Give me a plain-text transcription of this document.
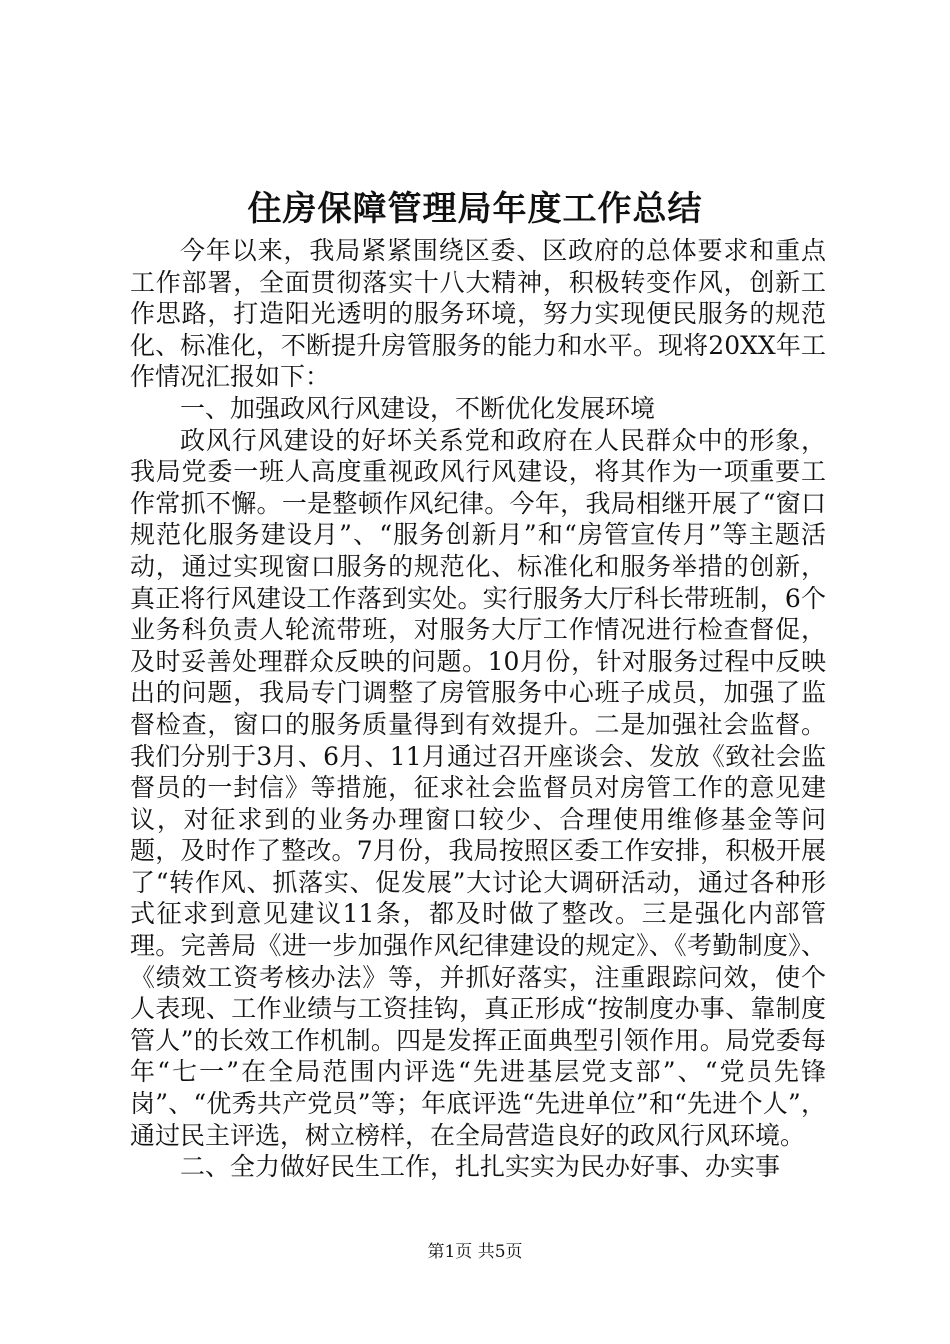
住房保障管理局年度工作总结

今年以来，我局紧紧围绕区委、区政府的总体要求和重点工作部署，全面贯彻落实十八大精神，积极转变作风，创新工作思路，打造阳光透明的服务环境，努力实现便民服务的规范化、标准化，不断提升房管服务的能力和水平。现将20XX年工作情况汇报如下：

一、加强政风行风建设，不断优化发展环境

政风行风建设的好坏关系党和政府在人民群众中的形象，我局党委一班人高度重视政风行风建设，将其作为一项重要工作常抓不懈。一是整顿作风纪律。今年，我局相继开展了“窗口规范化服务建设月”、“服务创新月”和“房管宣传月”等主题活动，通过实现窗口服务的规范化、标准化和服务举措的创新，真正将行风建设工作落到实处。实行服务大厅科长带班制，6个业务科负责人轮流带班，对服务大厅工作情况进行检查督促，及时妥善处理群众反映的问题。10月份，针对服务过程中反映出的问题，我局专门调整了房管服务中心班子成员，加强了监督检查，窗口的服务质量得到有效提升。二是加强社会监督。我们分别于3月、6月、11月通过召开座谈会、发放《致社会监督员的一封信》等措施，征求社会监督员对房管工作的意见建议，对征求到的业务办理窗口较少、合理使用维修基金等问题，及时作了整改。7月份，我局按照区委工作安排，积极开展了“转作风、抓落实、促发展”大讨论大调研活动，通过各种形式征求到意见建议11条，都及时做了整改。三是强化内部管理。完善局《进一步加强作风纪律建设的规定》、《考勤制度》、《绩效工资考核办法》等，并抓好落实，注重跟踪问效，使个人表现、工作业绩与工资挂钩，真正形成“按制度办事、靠制度管人”的长效工作机制。四是发挥正面典型引领作用。局党委每年“七一”在全局范围内评选“先进基层党支部”、“党员先锋岗”、“优秀共产党员”等；年底评选“先进单位”和“先进个人”，通过民主评选，树立榜样，在全局营造良好的政风行风环境。

二、全力做好民生工作，扎扎实实为民办好事、办实事

第1页 共5页
